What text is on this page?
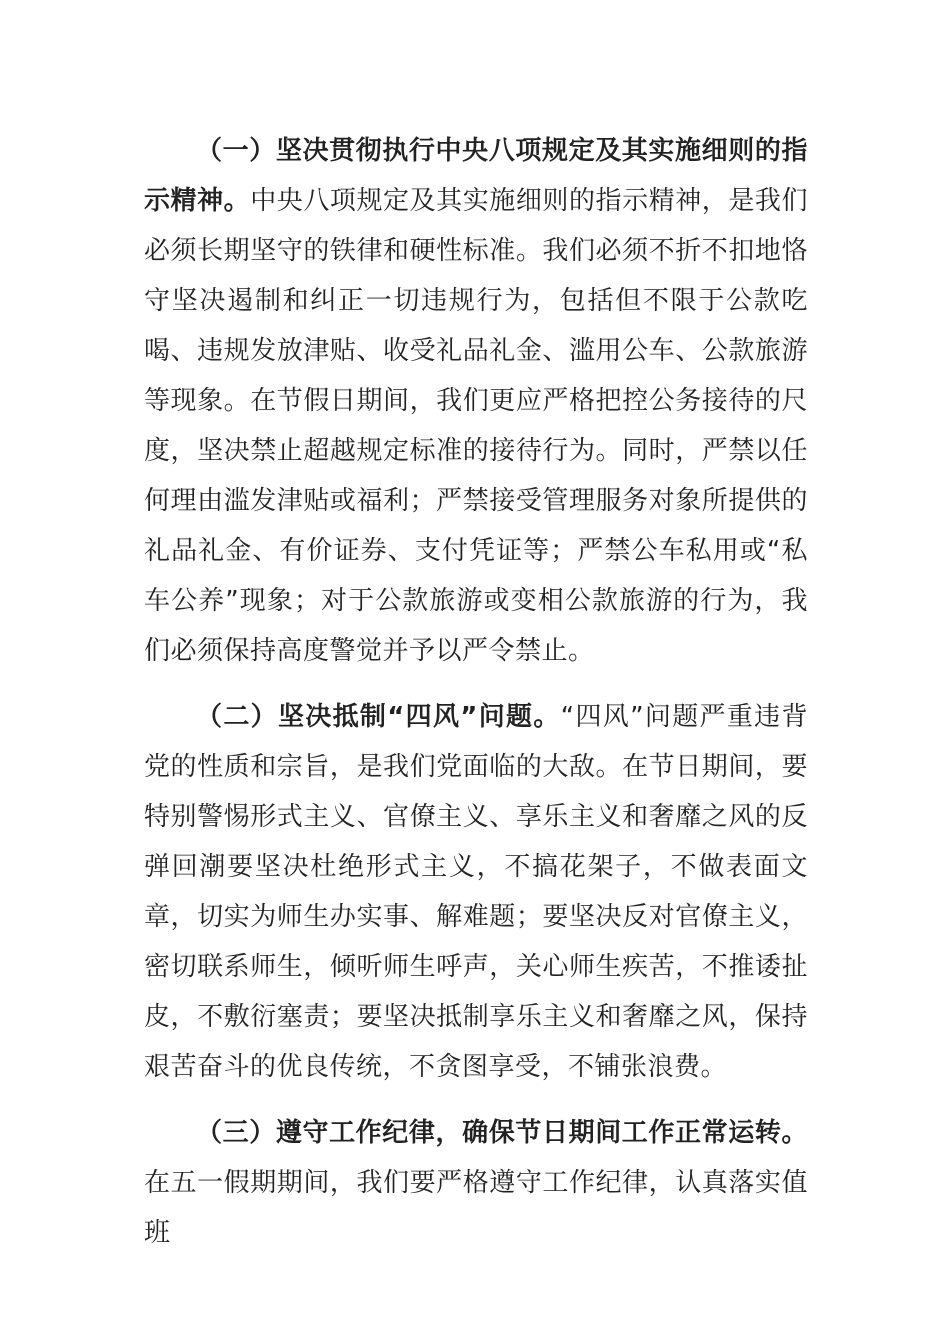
（一）坚决贯彻执行中央八项规定及其实施细则的指示精神。中央八项规定及其实施细则的指示精神，是我们必须长期坚守的铁律和硬性标准。我们必须不折不扣地恪守坚决遏制和纠正一切违规行为，包括但不限于公款吃喝、违规发放津贴、收受礼品礼金、滥用公车、公款旅游等现象。在节假日期间，我们更应严格把控公务接待的尺度，坚决禁止超越规定标准的接待行为。同时，严禁以任何理由滥发津贴或福利；严禁接受管理服务对象所提供的礼品礼金、有价证券、支付凭证等；严禁公车私用或“私车公养”现象；对于公款旅游或变相公款旅游的行为，我们必须保持高度警觉并予以严令禁止。

（二）坚决抵制“四风”问题。“四风”问题严重违背党的性质和宗旨，是我们党面临的大敌。在节日期间，要特别警惕形式主义、官僚主义、享乐主义和奢靡之风的反弹回潮要坚决杜绝形式主义，不搞花架子，不做表面文章，切实为师生办实事、解难题；要坚决反对官僚主义，密切联系师生，倾听师生呼声，关心师生疾苦，不推诿扯皮，不敷衍塞责；要坚决抵制享乐主义和奢靡之风，保持艰苦奋斗的优良传统，不贪图享受，不铺张浪费。

（三）遵守工作纪律，确保节日期间工作正常运转。在五一假期期间，我们要严格遵守工作纪律，认真落实值班
